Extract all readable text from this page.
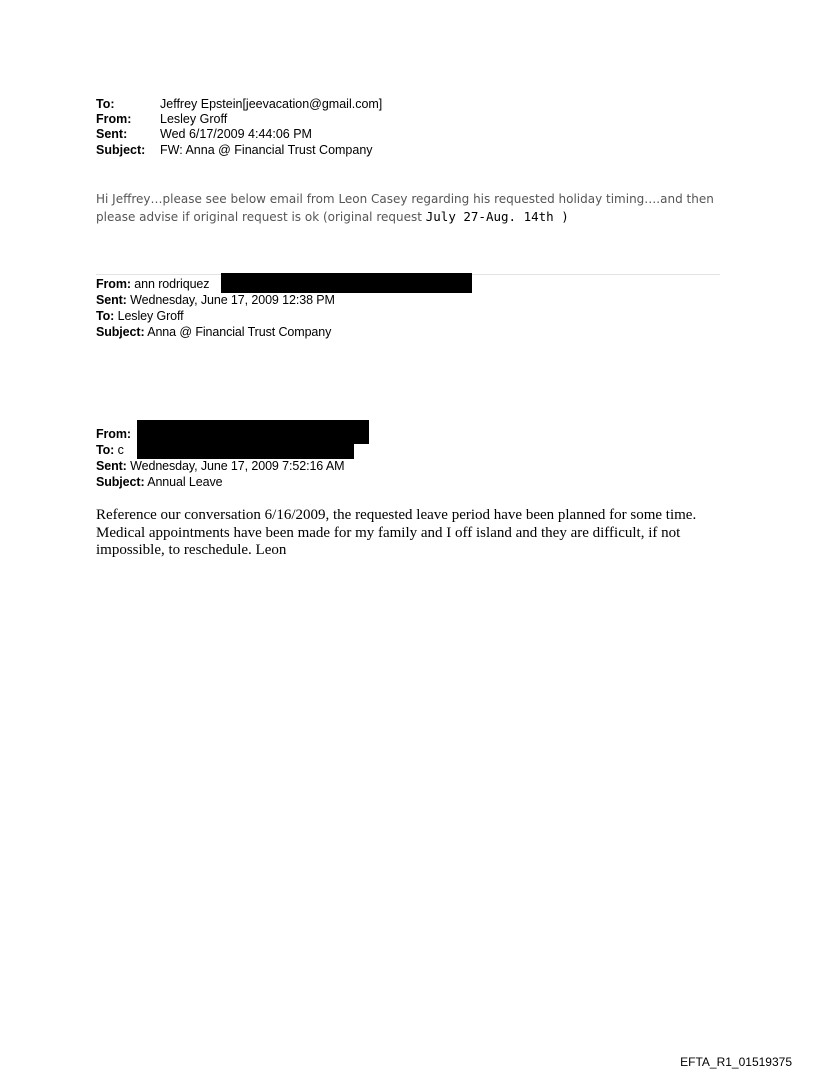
To:	Jeffrey Epstein[jeevacation@gmail.com]
From: Lesley Groff
Sent:	Wed 6/17/2009 4:44:06 PM
Subject: FW: Anna @ Financial Trust Company
Hi Jeffrey…please see below email from Leon Casey regarding his requested holiday timing….and then please advise if original request is ok (original request July 27-Aug. 14th )
From: ann rodriquez
Sent: Wednesday, June 17, 2009 12:38 PM
To: Lesley Groff
Subject: Anna @ Financial Trust Company
From:
To: c
Sent: Wednesday, June 17, 2009 7:52:16 AM
Subject: Annual Leave
Reference our conversation 6/16/2009, the requested leave period have been planned for some time. Medical appointments have been made for my family and I off island and they are difficult, if not impossible, to reschedule. Leon
EFTA_R1_01519375
